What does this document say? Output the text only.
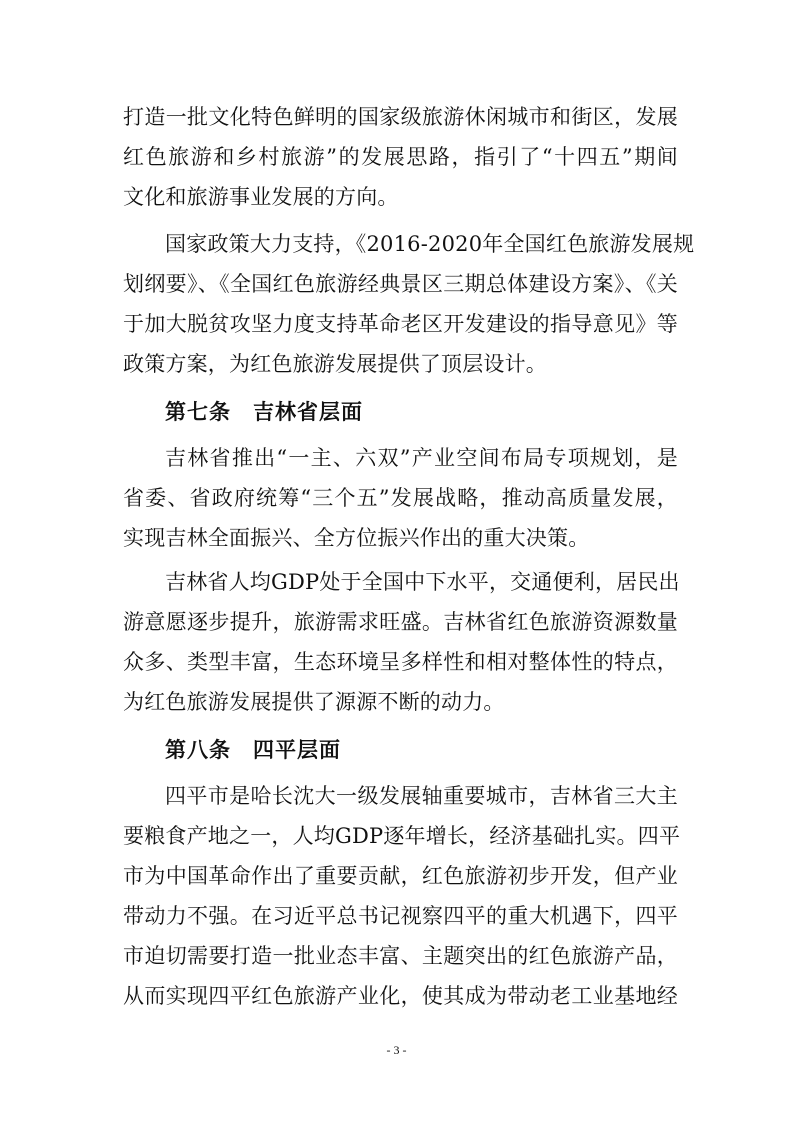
打造一批文化特色鲜明的国家级旅游休闲城市和街区，发展
红色旅游和乡村旅游”的发展思路，指引了“十四五”期间
文化和旅游事业发展的方向。

国家政策大力支持，《2016-2020年全国红色旅游发展规
划纲要》、《全国红色旅游经典景区三期总体建设方案》、《关
于加大脱贫攻坚力度支持革命老区开发建设的指导意见》等
政策方案，为红色旅游发展提供了顶层设计。

第七条　吉林省层面

吉林省推出“一主、六双”产业空间布局专项规划，是
省委、省政府统筹“三个五”发展战略，推动高质量发展，
实现吉林全面振兴、全方位振兴作出的重大决策。

吉林省人均GDP处于全国中下水平，交通便利，居民出
游意愿逐步提升，旅游需求旺盛。吉林省红色旅游资源数量
众多、类型丰富，生态环境呈多样性和相对整体性的特点，
为红色旅游发展提供了源源不断的动力。

第八条　四平层面

四平市是哈长沈大一级发展轴重要城市，吉林省三大主
要粮食产地之一，人均GDP逐年增长，经济基础扎实。四平
市为中国革命作出了重要贡献，红色旅游初步开发，但产业
带动力不强。在习近平总书记视察四平的重大机遇下，四平
市迫切需要打造一批业态丰富、主题突出的红色旅游产品，
从而实现四平红色旅游产业化，使其成为带动老工业基地经

- 3 -
